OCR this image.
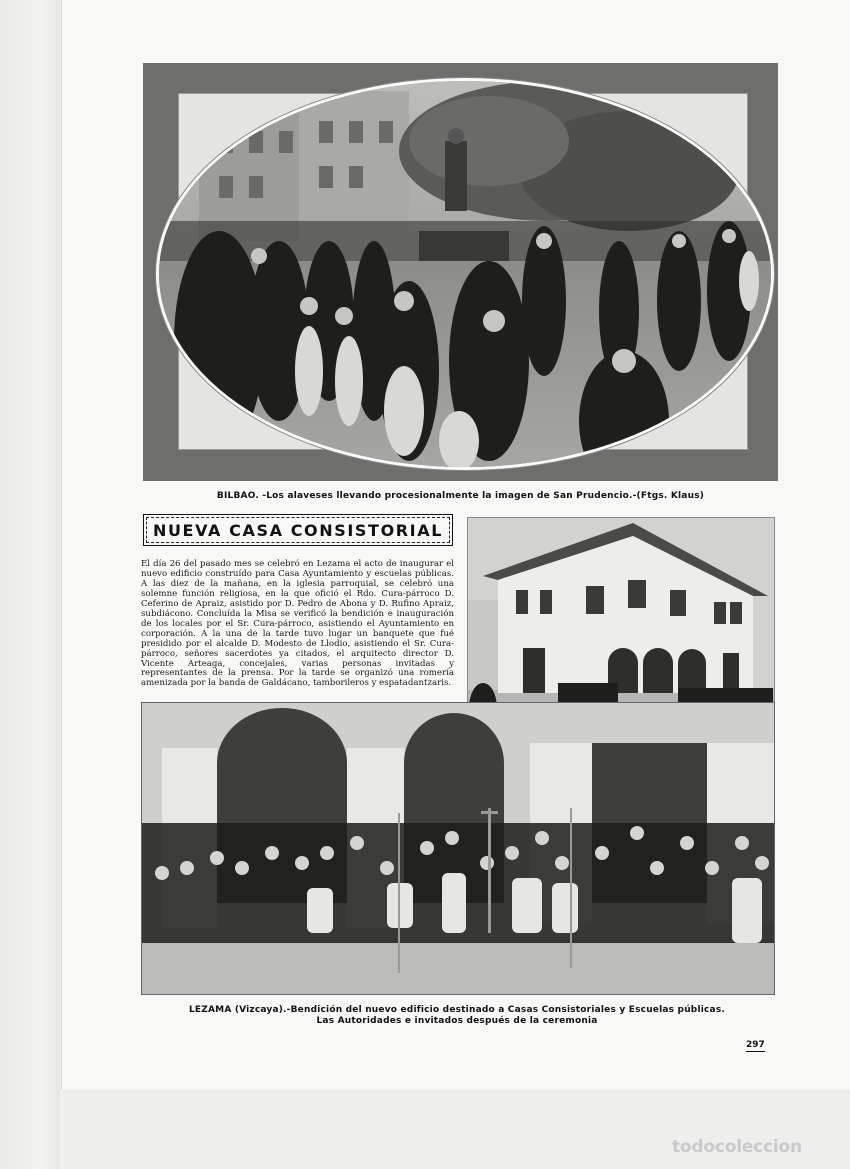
BILBAO. -Los alaveses llevando procesionalmente la imagen de San Prudencio.-(Ftgs. Klaus)
NUEVA CASA CONSISTORIAL
El día 26 del pasado mes se celebró en Lezama el acto de inaugurar el nuevo edificio construído para Casa Ayuntamiento y escuelas públicas. A las diez de la mañana, en la iglesia parroquial, se celebró una solemne función religiosa, en la que ofició el Rdo. Cura-párroco D. Ceferino de Apraiz, asistido por D. Pedro de Abona y D. Rufino Apraiz, subdiácono. Concluída la Misa se verificó la bendición e inauguración de los locales por el Sr. Cura-párroco, asistiendo el Ayuntamiento en corporación. A la una de la tarde tuvo lugar un banquete que fué presidido por el alcalde D. Modesto de Llodio, asistiendo el Sr. Cura-párroco, señores sacerdotes ya citados, el arquitecto director D. Vicente Arteaga, concejales, varias personas invitadas y representantes de la prensa. Por la tarde se organizó una romería amenizada por la banda de Galdácano, tamborileros y espatadantzaris.
LEZAMA (Vizcaya).-Bendición del nuevo edificio destinado a Casas Consistoriales y Escuelas públicas.
Las Autoridades e invitados después de la ceremonia
297
todocoleccion
